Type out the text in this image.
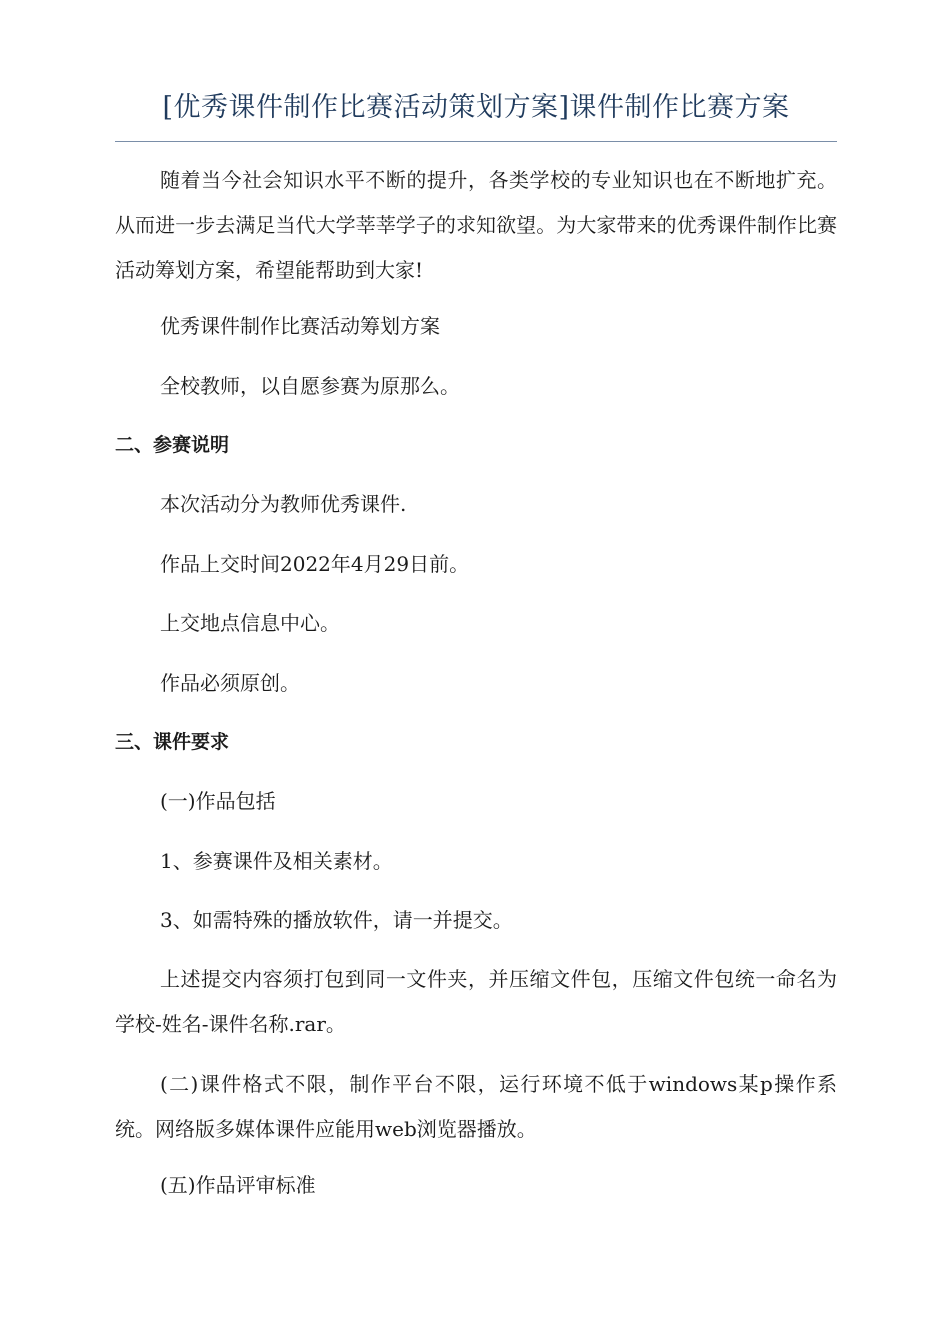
[优秀课件制作比赛活动策划方案]课件制作比赛方案

随着当今社会知识水平不断的提升，各类学校的专业知识也在不断地扩充。从而进一步去满足当代大学莘莘学子的求知欲望。为大家带来的优秀课件制作比赛活动筹划方案，希望能帮助到大家!

优秀课件制作比赛活动筹划方案

全校教师，以自愿参赛为原那么。

二、参赛说明

本次活动分为教师优秀课件.

作品上交时间2022年4月29日前。

上交地点信息中心。

作品必须原创。

三、课件要求

(一)作品包括

1、参赛课件及相关素材。

3、如需特殊的播放软件，请一并提交。

上述提交内容须打包到同一文件夹，并压缩文件包，压缩文件包统一命名为学校-姓名-课件名称.rar。

(二)课件格式不限，制作平台不限，运行环境不低于windows某p操作系统。网络版多媒体课件应能用web浏览器播放。

(五)作品评审标准
